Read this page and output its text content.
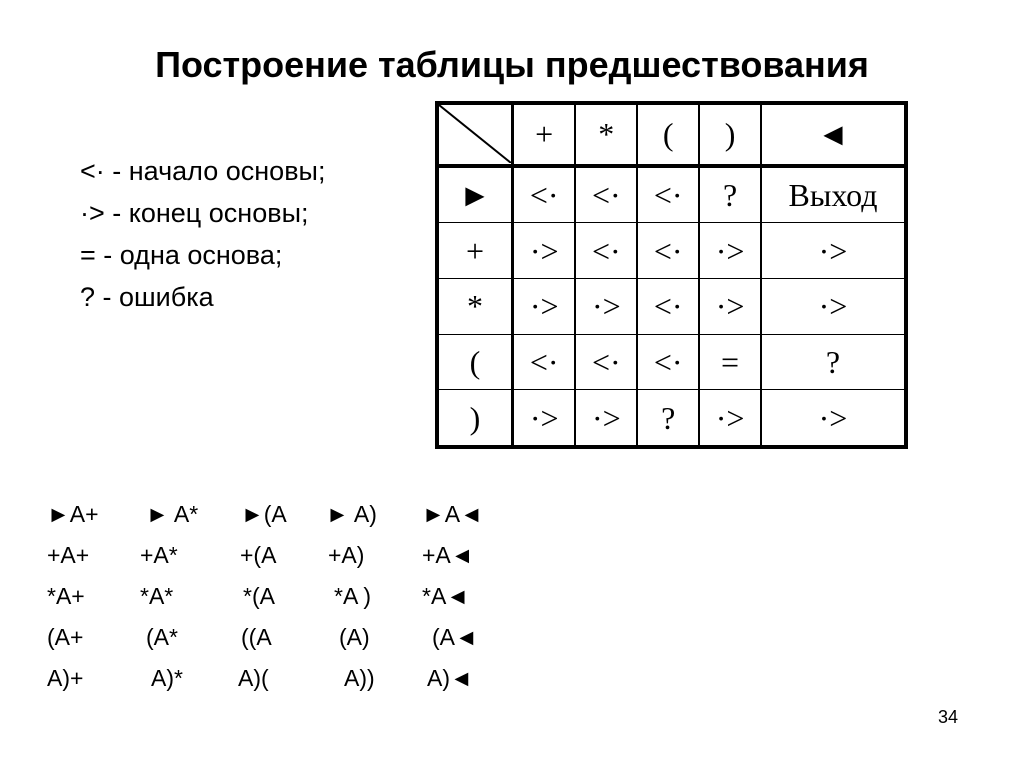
Построение таблицы предшествования
<· - начало основы;
·> - конец основы;
= - одна основа;
? - ошибка
	+	*	(	)	◄
►	<·	<·	<·	?	Выход
+	·>	<·	<·	·>	·>
*	·>	·>	<·	·>	·>
(	<·	<·	<·	=	?
)	·>	·>	?	·>	·>
►A+ ► A* ►(A ► A) ►A◄
+A+ +A*	+(A +A)	+A◄
*A+ *A*	*(A	*A ) *A◄
(A+	(A*	((A	(A)	(A◄
A)+	A)* A)(	A)) A)◄
34
